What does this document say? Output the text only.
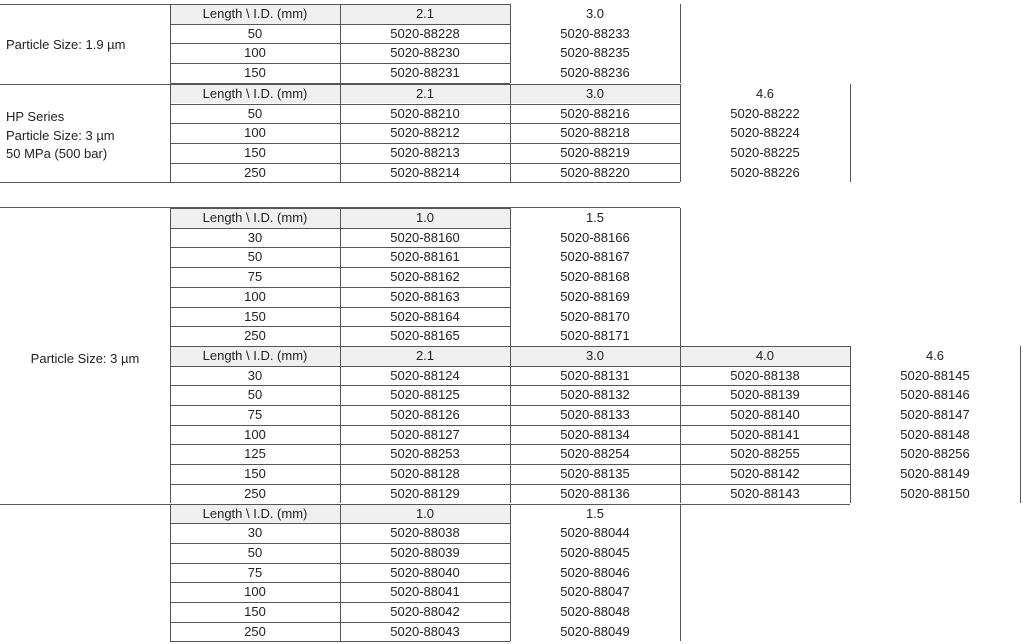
Length \ I.D. (mm)	2.1	3.0
50	5020-88228	5020-88233
100	5020-88230	5020-88235
150	5020-88231	5020-88236
Particle Size: 1.9 µm
Length \ I.D. (mm)	2.1	3.0	4.6
50	5020-88210	5020-88216	5020-88222
100	5020-88212	5020-88218	5020-88224
150	5020-88213	5020-88219	5020-88225
250	5020-88214	5020-88220	5020-88226
HP Series
Particle Size: 3 µm
50 MPa (500 bar)
Length \ I.D. (mm)	1.0	1.5
30	5020-88160	5020-88166
50	5020-88161	5020-88167
75	5020-88162	5020-88168
100	5020-88163	5020-88169
150	5020-88164	5020-88170
250	5020-88165	5020-88171
Length \ I.D. (mm)	2.1	3.0	4.0	4.6
30	5020-88124	5020-88131	5020-88138	5020-88145
50	5020-88125	5020-88132	5020-88139	5020-88146
75	5020-88126	5020-88133	5020-88140	5020-88147
100	5020-88127	5020-88134	5020-88141	5020-88148
125	5020-88253	5020-88254	5020-88255	5020-88256
150	5020-88128	5020-88135	5020-88142	5020-88149
250	5020-88129	5020-88136	5020-88143	5020-88150
Particle Size: 3 µm
Length \ I.D. (mm)	1.0	1.5
30	5020-88038	5020-88044
50	5020-88039	5020-88045
75	5020-88040	5020-88046
100	5020-88041	5020-88047
150	5020-88042	5020-88048
250	5020-88043	5020-88049
